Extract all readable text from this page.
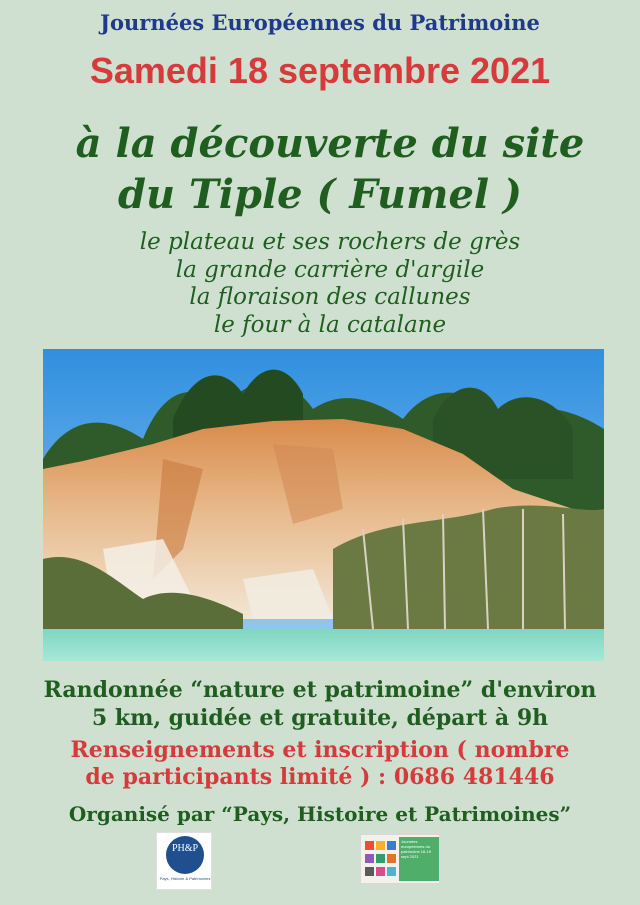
Journées Européennes du Patrimoine
Samedi 18 septembre 2021
à la découverte du site
du Tiple ( Fumel )
le plateau et ses rochers de grès
la grande carrière d'argile
la floraison des callunes
le four à la catalane
Randonnée “nature et patrimoine” d'environ
5 km, guidée et gratuite, départ à 9h
Renseignements et inscription ( nombre
de participants limité ) : 0686 481446
Organisé par “Pays, Histoire et Patrimoines”
PH&P
Pays, Histoire & Patrimoines
Journées européennes du patrimoine 18-19 sept 2021
